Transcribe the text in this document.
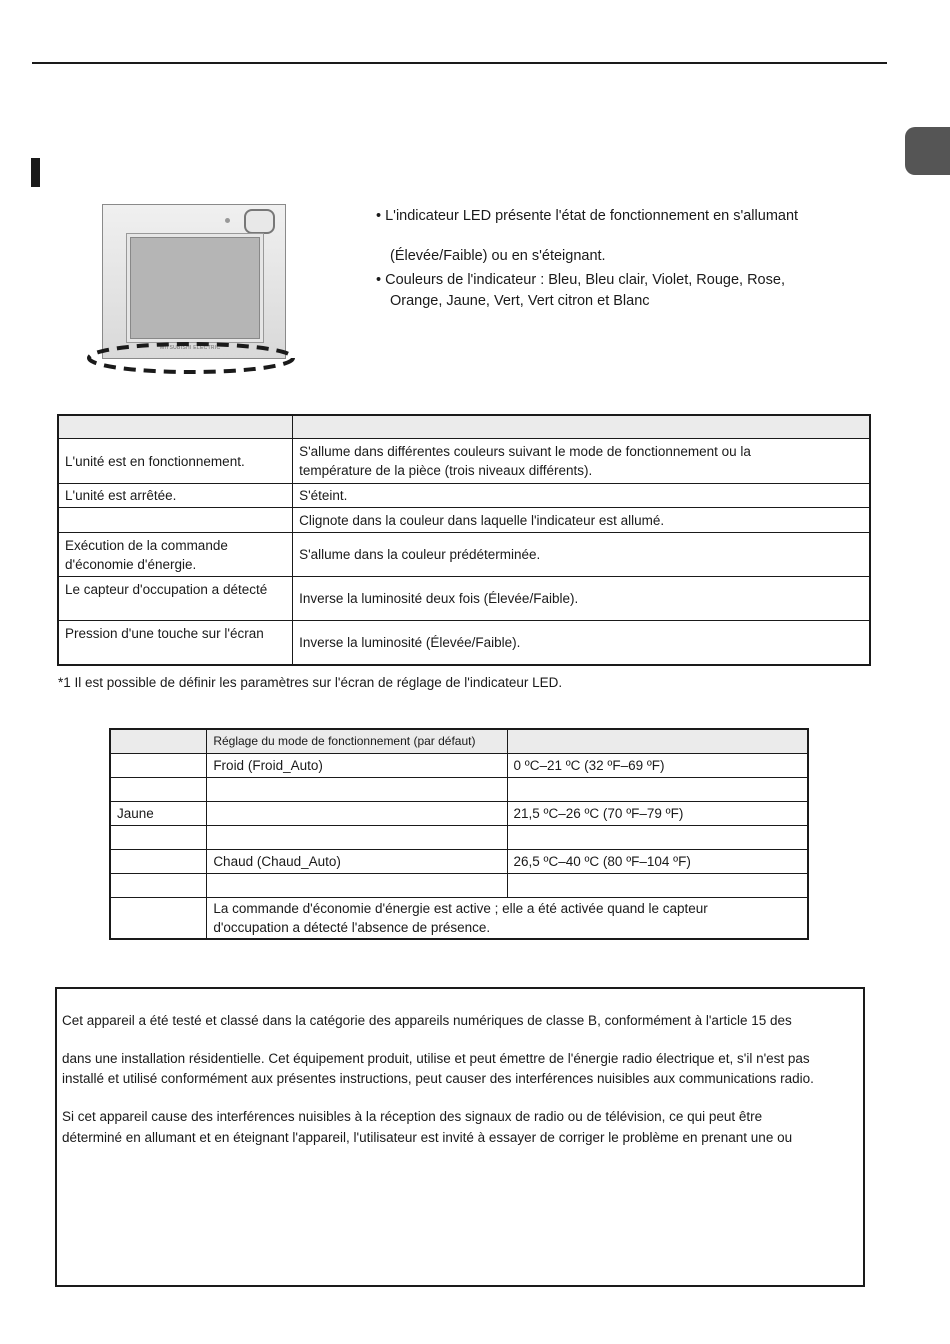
MITSUBISHI ELECTRIC
• L'indicateur LED présente l'état de fonctionnement en s'allumant
(Élevée/Faible) ou en s'éteignant.
• Couleurs de l'indicateur : Bleu, Bleu clair, Violet, Rouge, Rose,
Orange, Jaune, Vert, Vert citron et Blanc

L'unité est en fonctionnement.	S'allume dans différentes couleurs suivant le mode de fonctionnement ou la
température de la pièce (trois niveaux différents).

L'unité est arrêtée.	S'éteint.
	Clignote dans la couleur dans laquelle l'indicateur est allumé.

Exécution de la commande
d'économie d'énergie.	S'allume dans la couleur prédéterminée.
Le capteur d'occupation a détecté	Inverse la luminosité deux fois (Élevée/Faible).
Pression d'une touche sur l'écran	Inverse la luminosité (Élevée/Faible).
*1 Il est possible de définir les paramètres sur l'écran de réglage de l'indicateur LED.
	Réglage du mode de fonctionnement (par défaut)	
	Froid (Froid_Auto)	0 ºC–21 ºC (32 ºF–69 ºF)

Jaune		21,5 ºC–26 ºC (70 ºF–79 ºF)

	Chaud (Chaud_Auto)	26,5 ºC–40 ºC (80 ºF–104 ºF)

	La commande d'économie d'énergie est active ; elle a été activée quand le capteur
d'occupation a détecté l'absence de présence.	
Cet appareil a été testé et classé dans la catégorie des appareils numériques de classe B, conformément à l'article 15 des
dans une installation résidentielle. Cet équipement produit, utilise et peut émettre de l'énergie radio électrique et, s'il n'est pas
installé et utilisé conformément aux présentes instructions, peut causer des interférences nuisibles aux communications radio.
Si cet appareil cause des interférences nuisibles à la réception des signaux de radio ou de télévision, ce qui peut être
déterminé en allumant et en éteignant l'appareil, l'utilisateur est invité à essayer de corriger le problème en prenant une ou
